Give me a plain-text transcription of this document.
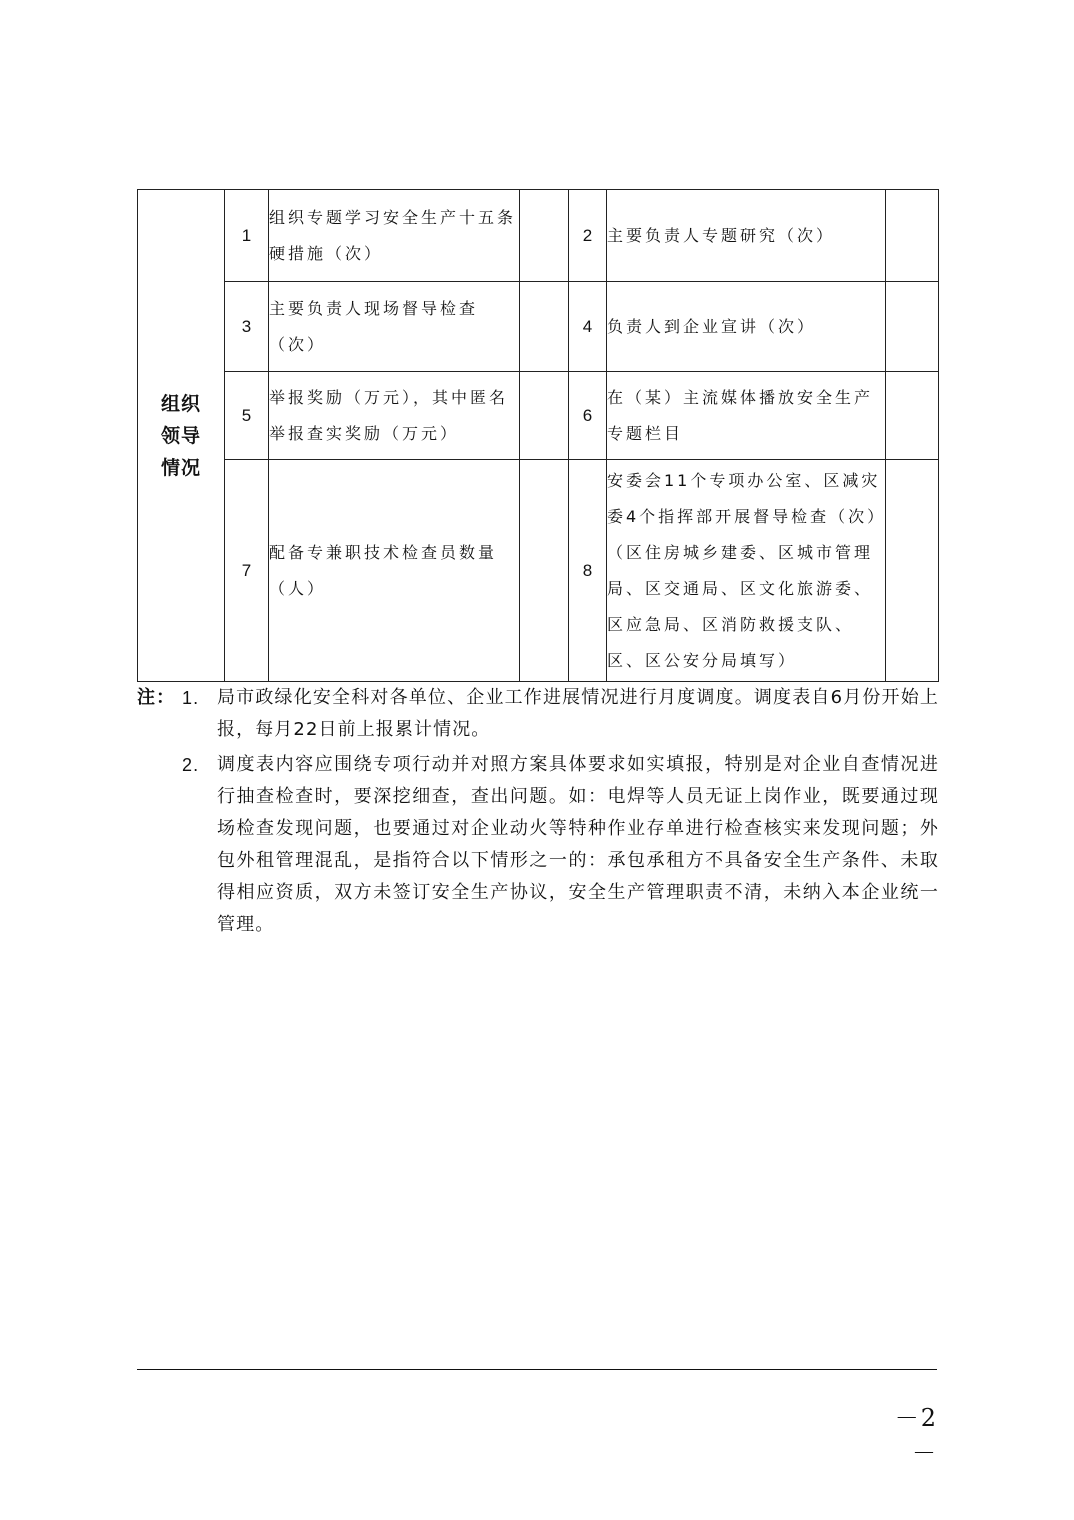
组织领导情况	1	组织专题学习安全生产十五条硬措施（次）		2	主要负责人专题研究（次）	
	3	主要负责人现场督导检查（次）		4	负责人到企业宣讲（次）	
	5	举报奖励（万元），其中匿名举报查实奖励（万元）		6	在（某）主流媒体播放安全生产专题栏目	
	7	配备专兼职技术检查员数量（人）		8	安委会11个专项办公室、区减灾委4个指挥部开展督导检查（次）（区住房城乡建委、区城市管理局、区交通局、区文化旅游委、区应急局、区消防救援支队、区、区公安分局填写）	
注： 1. 局市政绿化安全科对各单位、企业工作进展情况进行月度调度。调度表自6月份开始上报，每月22日前上报累计情况。
2. 调度表内容应围绕专项行动并对照方案具体要求如实填报，特别是对企业自查情况进行抽查检查时，要深挖细查，查出问题。如：电焊等人员无证上岗作业，既要通过现场检查发现问题，也要通过对企业动火等特种作业存单进行检查核实来发现问题；外包外租管理混乱，是指符合以下情形之一的：承包承租方不具备安全生产条件、未取得相应资质，双方未签订安全生产协议，安全生产管理职责不清，未纳入本企业统一管理。
－2－
